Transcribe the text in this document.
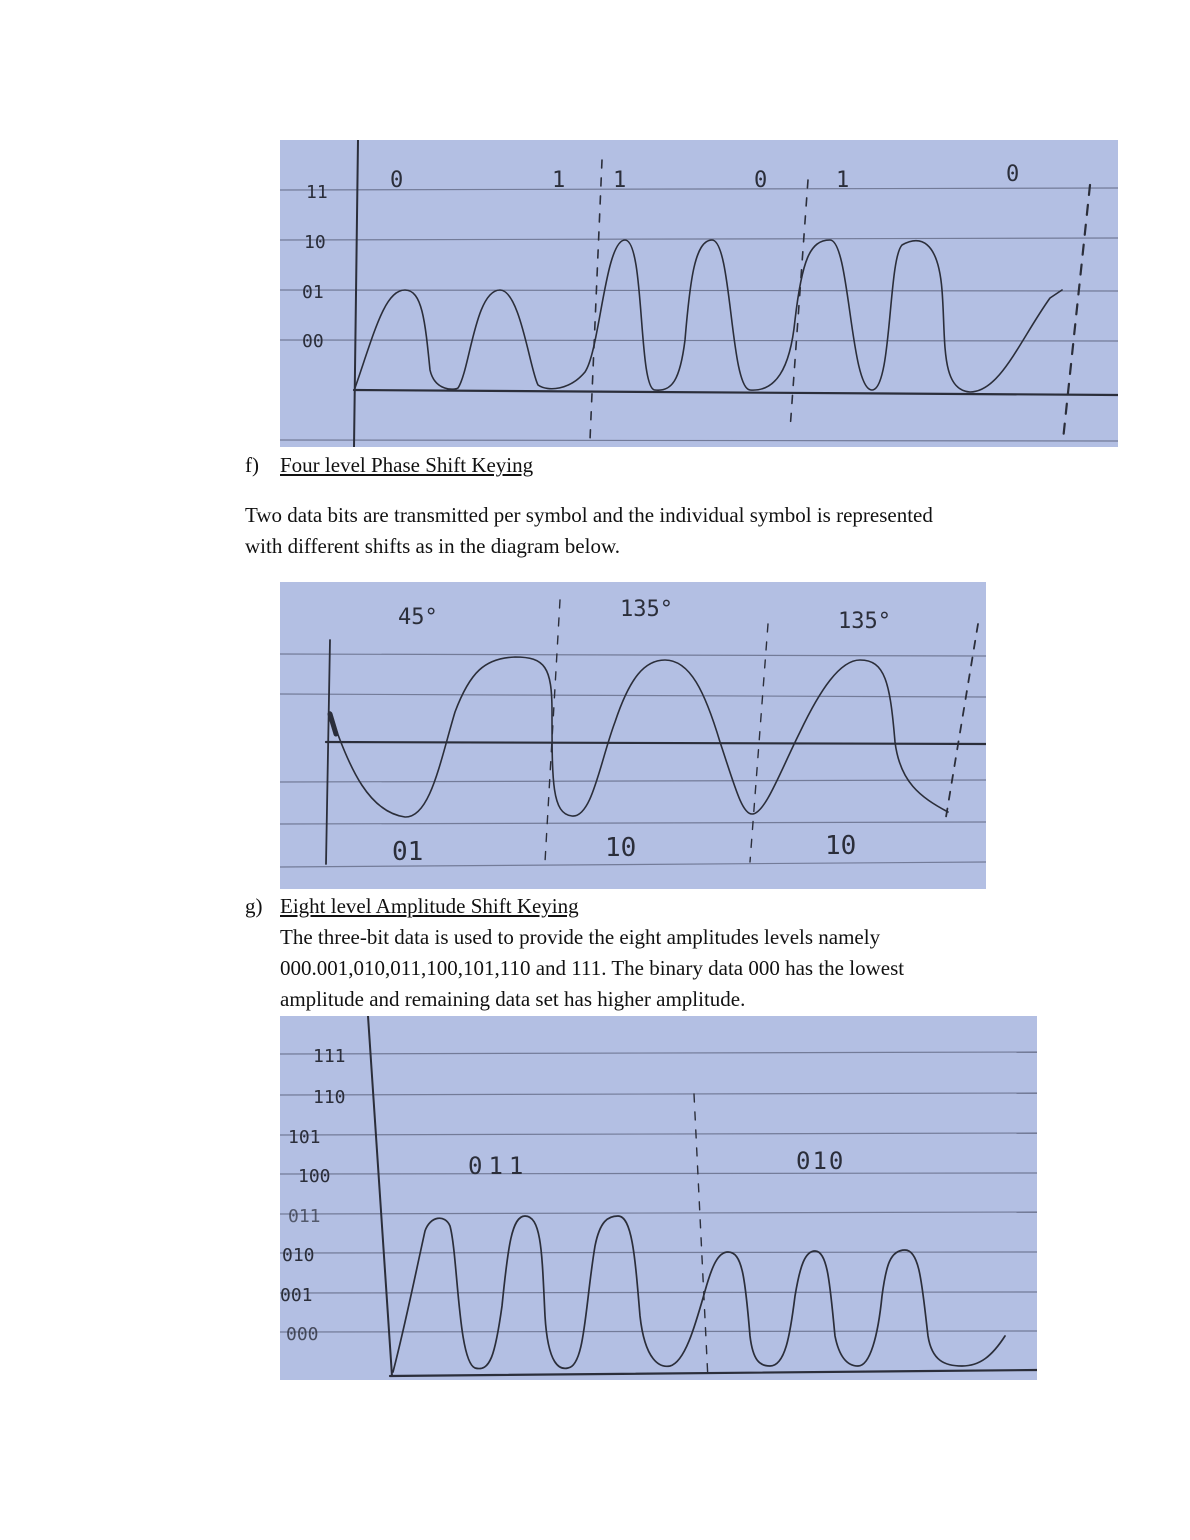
11
10
01
00
0	1 1	0	1	0
f) Four level Phase Shift Keying
Two data bits are transmitted per symbol and the individual symbol is represented
with different shifts as in the diagram below.
45°	135°	135°
01	10	10
g) Eight level Amplitude Shift Keying
The three-bit data is used to provide the eight amplitudes levels namely
000.001,010,011,100,101,110 and 111. The binary data 000 has the lowest
amplitude and remaining data set has higher amplitude.
111
110
101
100
011
010
001
000
011	010
